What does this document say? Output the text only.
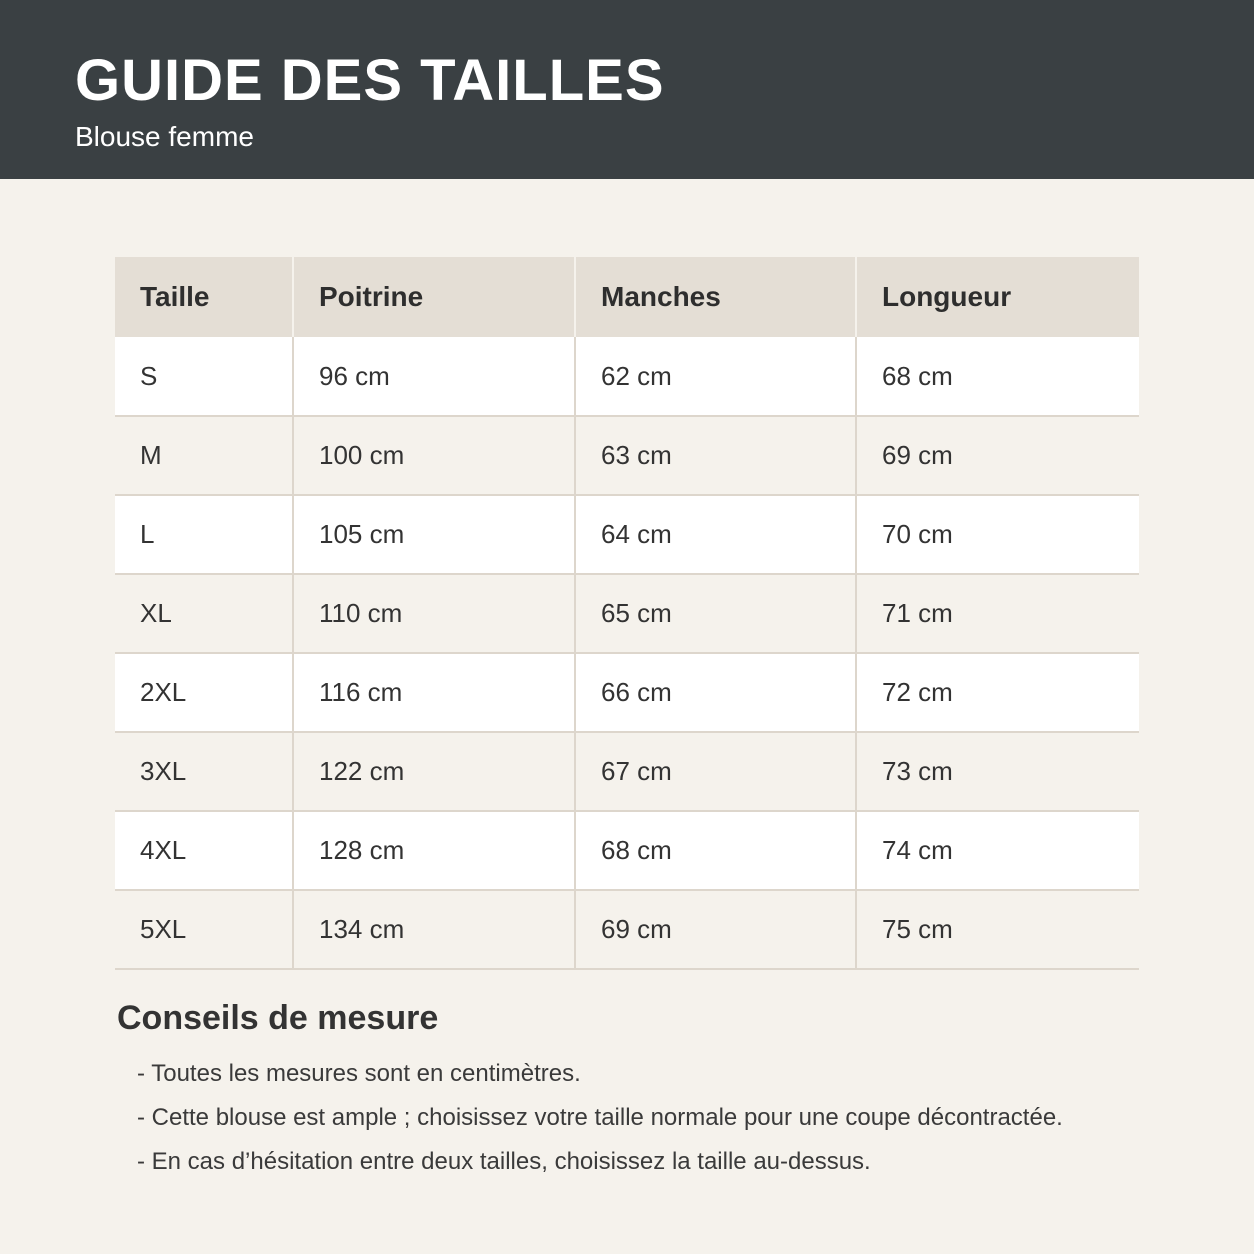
GUIDE DES TAILLES

Blouse femme

Taille	Poitrine	Manches	Longueur
S	96 cm	62 cm	68 cm
M	100 cm	63 cm	69 cm
L	105 cm	64 cm	70 cm
XL	110 cm	65 cm	71 cm
2XL	116 cm	66 cm	72 cm
3XL	122 cm	67 cm	73 cm
4XL	128 cm	68 cm	74 cm
5XL	134 cm	69 cm	75 cm
Conseils de mesure
- Toutes les mesures sont en centimètres.
- Cette blouse est ample ; choisissez votre taille normale pour une coupe décontractée.
- En cas d’hésitation entre deux tailles, choisissez la taille au-dessus.
